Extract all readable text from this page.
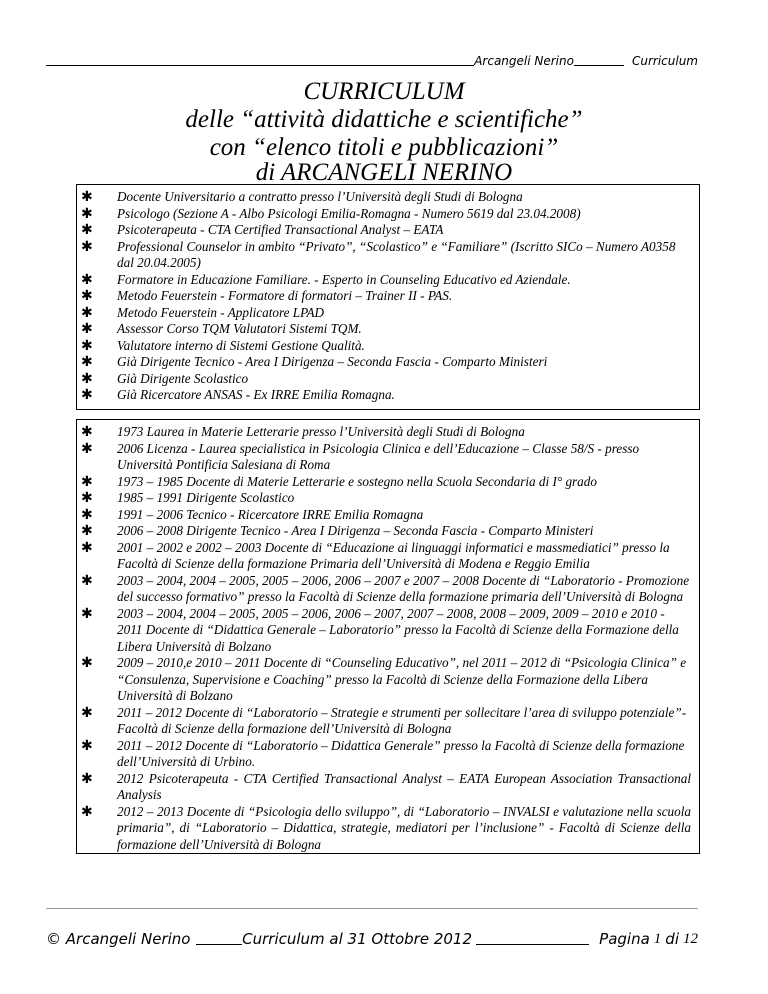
Arcangeli Nerino	Curriculum
CURRICULUM
delle “attività didattiche e scientifiche”
con “elenco titoli e pubblicazioni”
di ARCANGELI NERINO
✱ Docente Universitario a contratto presso l’Università degli Studi di Bologna
✱ Psicologo (Sezione A - Albo Psicologi Emilia-Romagna - Numero 5619 dal 23.04.2008)
✱ Psicoterapeuta - CTA Certified Transactional Analyst – EATA
✱ Professional Counselor in ambito “Privato”, “Scolastico” e “Familiare” (Iscritto SICo – Numero A0358 dal 20.04.2005)
✱ Formatore in Educazione Familiare. - Esperto in Counseling Educativo ed Aziendale.
✱ Metodo Feuerstein - Formatore di formatori – Trainer II - PAS.
✱ Metodo Feuerstein - Applicatore LPAD
✱ Assessor Corso TQM Valutatori Sistemi TQM.
✱ Valutatore interno di Sistemi Gestione Qualità.
✱ Già Dirigente Tecnico - Area I Dirigenza – Seconda Fascia - Comparto Ministeri
✱ Già Dirigente Scolastico
✱ Già Ricercatore ANSAS - Ex IRRE Emilia Romagna.
✱ 1973 Laurea in Materie Letterarie presso l’Università degli Studi di Bologna
✱ 2006 Licenza - Laurea specialistica in Psicologia Clinica e dell’Educazione – Classe 58/S - presso Università Pontificia Salesiana di Roma
✱ 1973 – 1985 Docente di Materie Letterarie e sostegno nella Scuola Secondaria di I° grado
✱ 1985 – 1991 Dirigente Scolastico
✱ 1991 – 2006 Tecnico - Ricercatore IRRE Emilia Romagna
✱ 2006 – 2008 Dirigente Tecnico - Area I Dirigenza – Seconda Fascia - Comparto Ministeri
✱ 2001 – 2002 e 2002 – 2003 Docente di “Educazione ai linguaggi informatici e massmediatici” presso la Facoltà di Scienze della formazione Primaria dell’Università di Modena e Reggio Emilia
✱ 2003 – 2004, 2004 – 2005, 2005 – 2006, 2006 – 2007 e 2007 – 2008 Docente di “Laboratorio - Promozione del successo formativo” presso la Facoltà di Scienze della formazione primaria dell’Università di Bologna
✱ 2003 – 2004, 2004 – 2005, 2005 – 2006, 2006 – 2007, 2007 – 2008, 2008 – 2009, 2009 – 2010 e 2010 - 2011 Docente di “Didattica Generale – Laboratorio” presso la Facoltà di Scienze della Formazione della Libera Università di Bolzano
✱ 2009 – 2010,e 2010 – 2011 Docente di “Counseling Educativo”, nel 2011 – 2012 di “Psicologia Clinica” e “Consulenza, Supervisione e Coaching” presso la Facoltà di Scienze della Formazione della Libera Università di Bolzano
✱ 2011 – 2012 Docente di “Laboratorio – Strategie e strumenti per sollecitare l’area di sviluppo potenziale”- Facoltà di Scienze della formazione dell’Università di Bologna
✱ 2011 – 2012 Docente di “Laboratorio – Didattica Generale” presso la Facoltà di Scienze della formazione dell’Università di Urbino.
✱ 2012 Psicoterapeuta - CTA Certified Transactional Analyst – EATA European Association Transactional Analysis
✱ 2012 – 2013 Docente di “Psicologia dello sviluppo”, di “Laboratorio – INVALSI e valutazione nella scuola primaria”, di “Laboratorio – Didattica, strategie, mediatori per l’inclusione” - Facoltà di Scienze della formazione dell’Università di Bologna
© Arcangeli Nerino	Curriculum al 31 Ottobre 2012	Pagina 1 di 12
